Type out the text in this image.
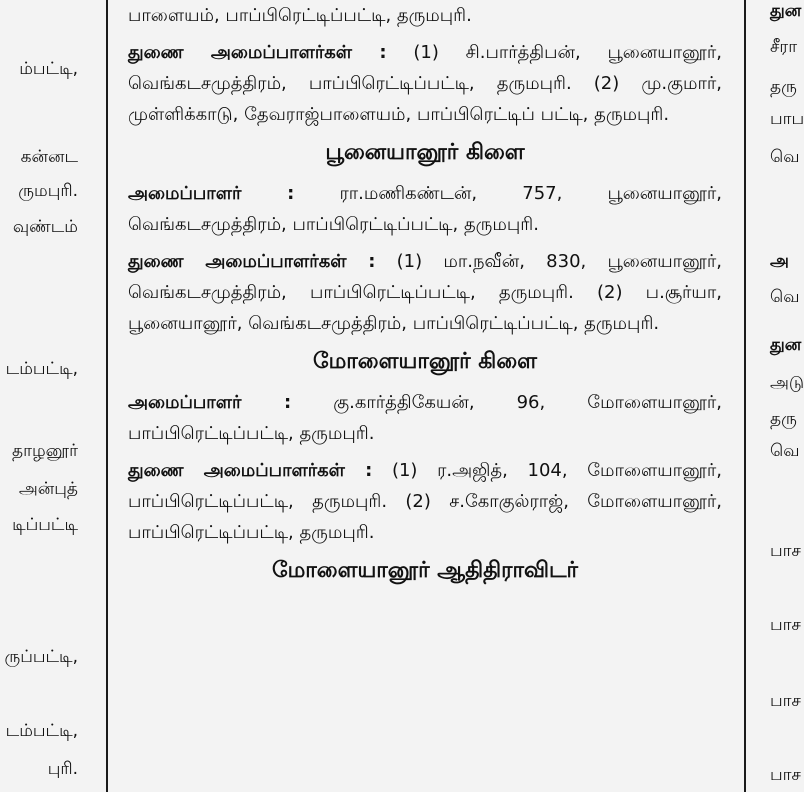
ம்பட்டி,
கன்னட
ருமபுரி.
வுண்டம்
டம்பட்டி,
தாழனூர்
அன்புத்
டிப்பட்டி
ருப்பட்டி,
டம்பட்டி,
புரி.
துன
சீரா
தரு
பாப
வெ
அ
வெ
துன
அடு
தரு
வெ
பாச
பாச
பாச
பாச

பாளையம், பாப்பிரெட்டிப்பட்டி, தருமபுரி.

துணை அமைப்பாளர்கள் : (1) சி.பார்த்திபன், பூனையானூர், வெங்கடசமுத்திரம், பாப்பிரெட்டிப்பட்டி, தருமபுரி. (2) மு.குமார், முள்ளிக்காடு, தேவராஜ்பாளையம், பாப்பிரெட்டிப் பட்டி, தருமபுரி.

பூனையானூர் கிளை

அமைப்பாளர் : ரா.மணிகண்டன், 757, பூனையானூர், வெங்கடசமுத்திரம், பாப்பிரெட்டிப்பட்டி, தருமபுரி.

துணை அமைப்பாளர்கள் : (1) மா.நவீன், 830, பூனையானூர், வெங்கடசமுத்திரம், பாப்பிரெட்டிப்பட்டி, தருமபுரி. (2) ப.சூர்யா, பூனையானூர், வெங்கடசமுத்திரம், பாப்பிரெட்டிப்பட்டி, தருமபுரி.

மோளையானூர் கிளை

அமைப்பாளர் : கு.கார்த்திகேயன், 96, மோளையானூர், பாப்பிரெட்டிப்பட்டி, தருமபுரி.

துணை அமைப்பாளர்கள் : (1) ர.அஜித், 104, மோளையானூர், பாப்பிரெட்டிப்பட்டி, தருமபுரி. (2) ச.கோகுல்ராஜ், மோளையானூர், பாப்பிரெட்டிப்பட்டி, தருமபுரி.

மோளையானூர் ஆதிதிராவிடர்
